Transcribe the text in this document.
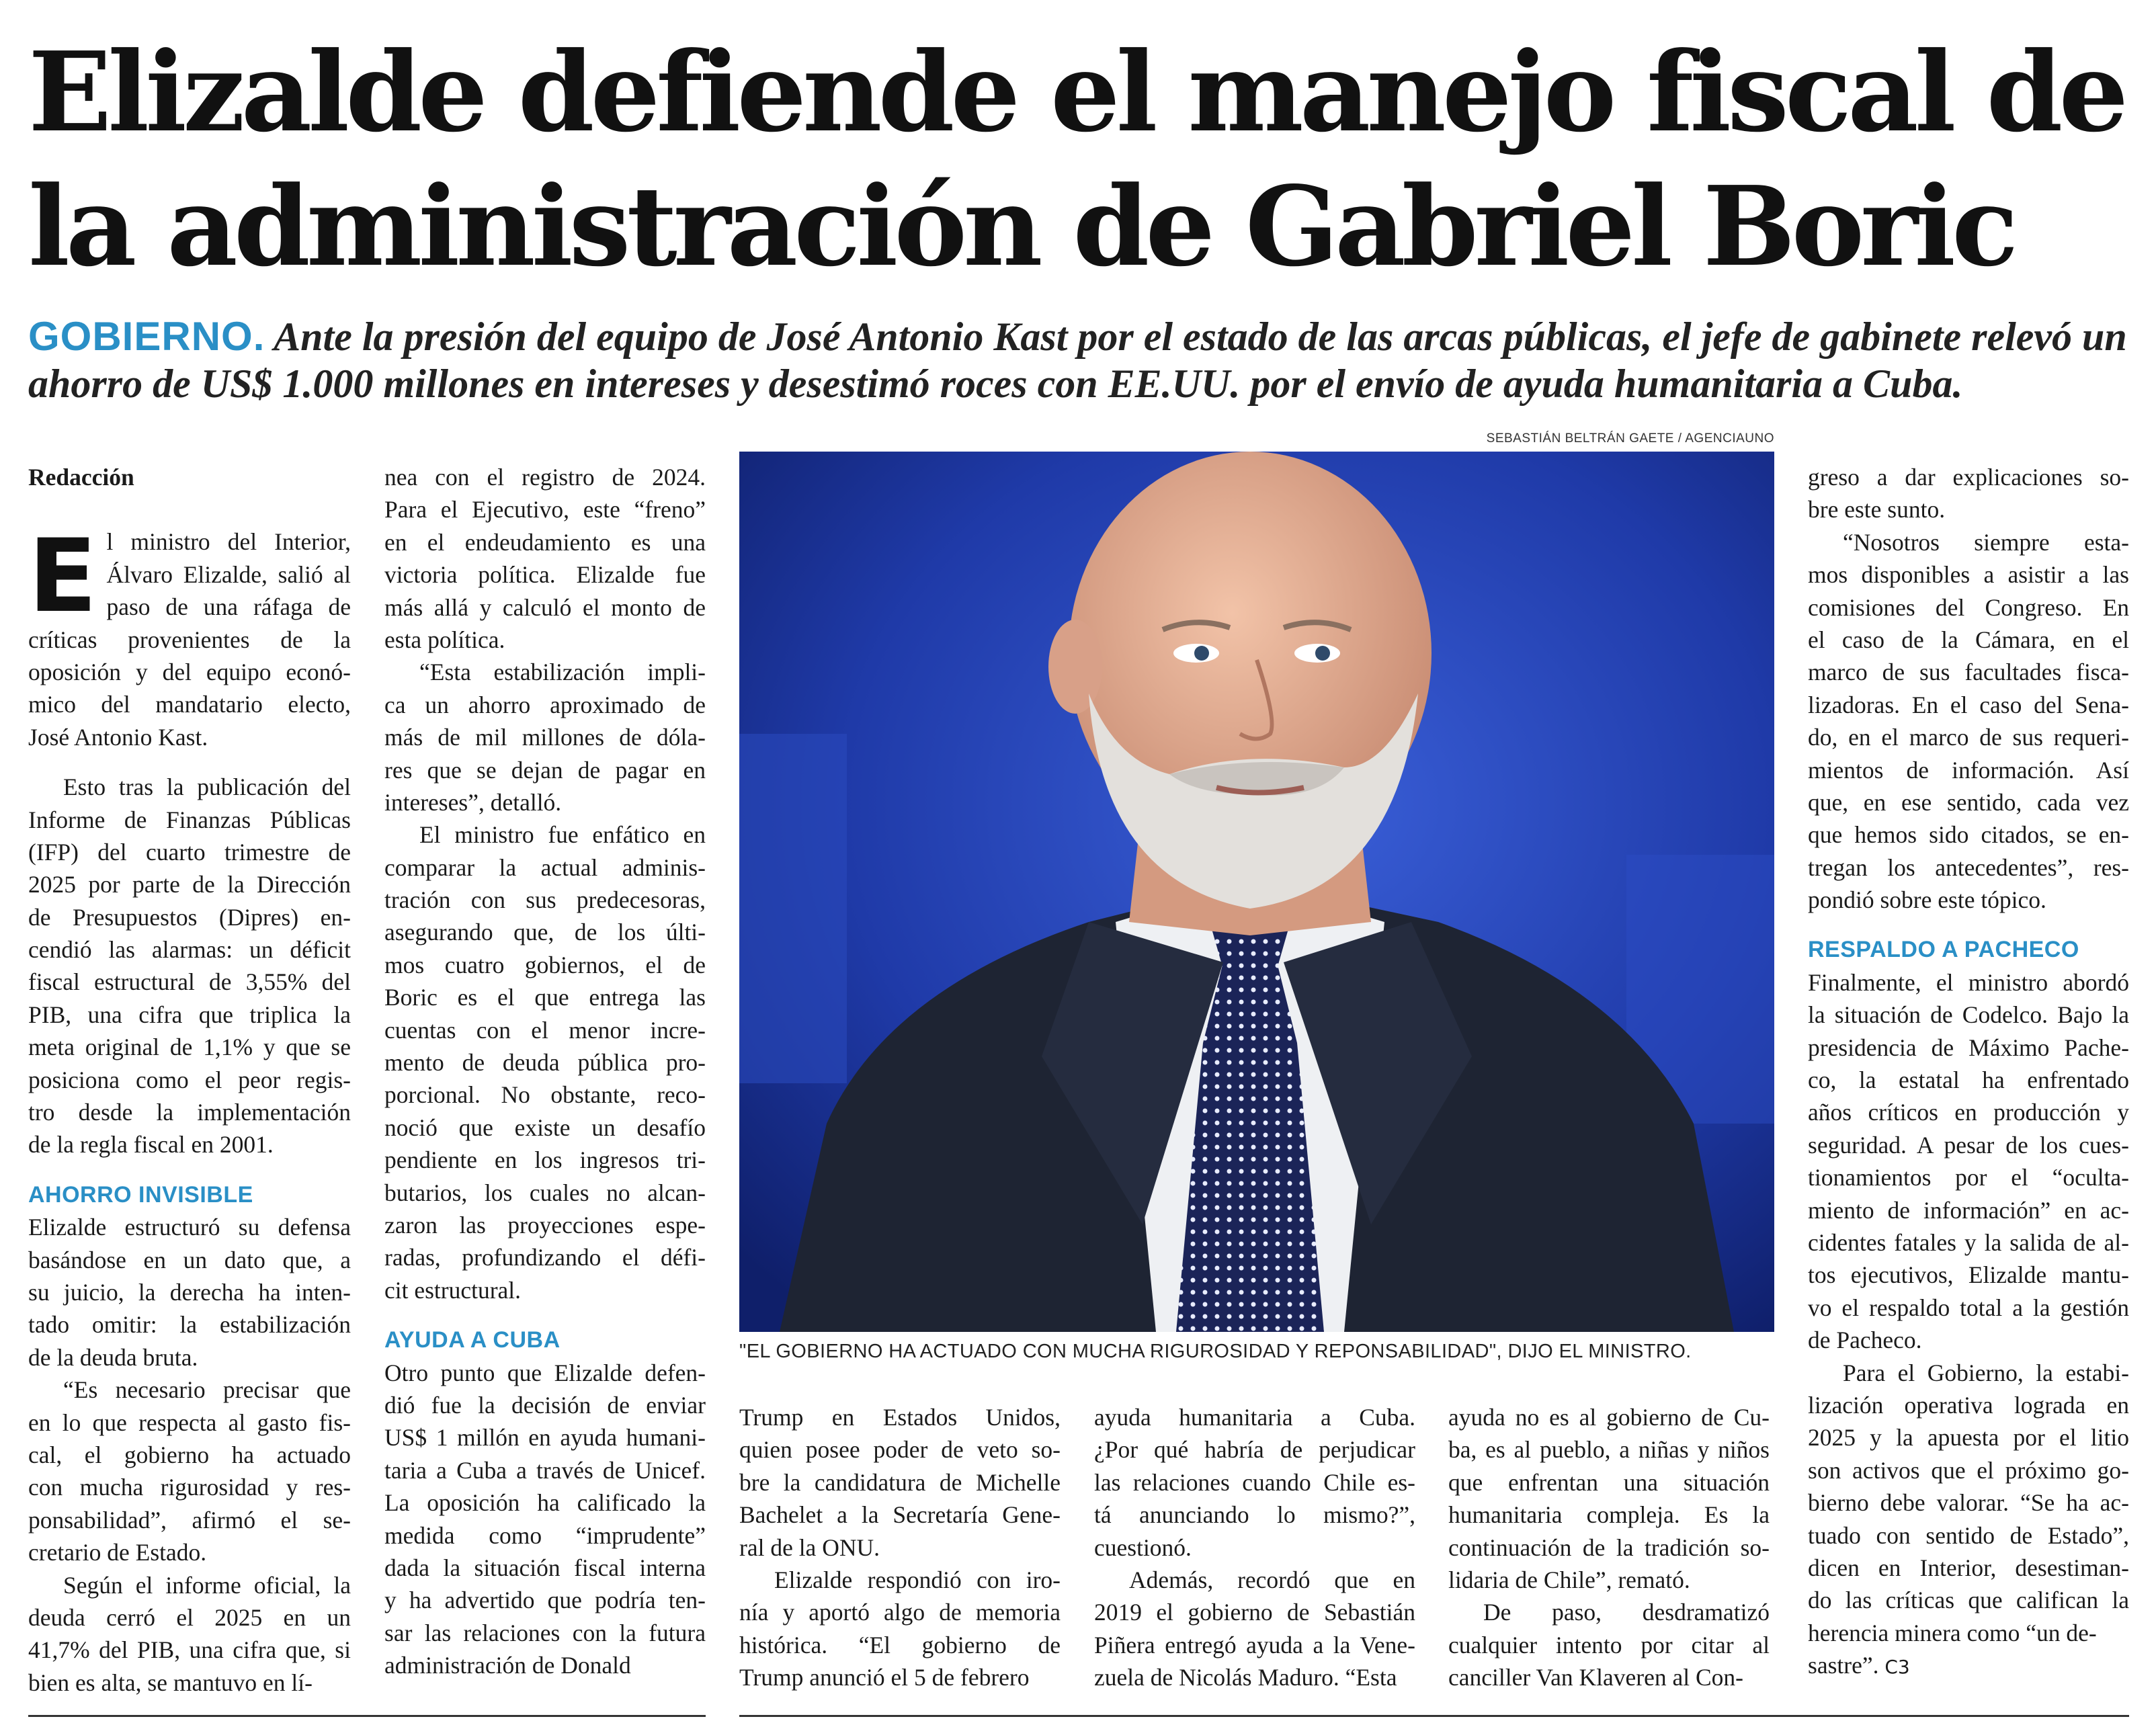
Elizalde defiende el manejo fiscal de
la administración de Gabriel Boric

GOBIERNO. Ante la presión del equipo de José Antonio Kast por el estado de las arcas públicas, el jefe de gabinete relevó un
ahorro de US$ 1.000 millones en intereses y desestimó roces con EE.UU. por el envío de ayuda humanitaria a Cuba.

Redacción
E l ministro del Interior,
Álvaro Elizalde, salió al
paso de una ráfaga de
críticas provenientes de la
oposición y del equipo econó-
mico del mandatario electo,
José Antonio Kast.
Esto tras la publicación del
Informe de Finanzas Públicas
(IFP) del cuarto trimestre de
2025 por parte de la Dirección
de Presupuestos (Dipres) en-
cendió las alarmas: un déficit
fiscal estructural de 3,55% del
PIB, una cifra que triplica la
meta original de 1,1% y que se
posiciona como el peor regis-
tro desde la implementación
de la regla fiscal en 2001.
AHORRO INVISIBLE
Elizalde estructuró su defensa
basándose en un dato que, a
su juicio, la derecha ha inten-
tado omitir: la estabilización
de la deuda bruta.
“Es necesario precisar que
en lo que respecta al gasto fis-
cal, el gobierno ha actuado
con mucha rigurosidad y res-
ponsabilidad”, afirmó el se-
cretario de Estado.
Según el informe oficial, la
deuda cerró el 2025 en un
41,7% del PIB, una cifra que, si
bien es alta, se mantuvo en lí-
nea con el registro de 2024.
Para el Ejecutivo, este “freno”
en el endeudamiento es una
victoria política. Elizalde fue
más allá y calculó el monto de
esta política.
“Esta estabilización impli-
ca un ahorro aproximado de
más de mil millones de dóla-
res que se dejan de pagar en
intereses”, detalló.
El ministro fue enfático en
comparar la actual adminis-
tración con sus predecesoras,
asegurando que, de los últi-
mos cuatro gobiernos, el de
Boric es el que entrega las
cuentas con el menor incre-
mento de deuda pública pro-
porcional. No obstante, reco-
noció que existe un desafío
pendiente en los ingresos tri-
butarios, los cuales no alcan-
zaron las proyecciones espe-
radas, profundizando el défi-
cit estructural.
AYUDA A CUBA
Otro punto que Elizalde defen-
dió fue la decisión de enviar
US$ 1 millón en ayuda humani-
taria a Cuba a través de Unicef.
La oposición ha calificado la
medida como “imprudente”
dada la situación fiscal interna
y ha advertido que podría ten-
sar las relaciones con la futura
administración de Donald
SEBASTIÁN BELTRÁN GAETE / AGENCIAUNO
"EL GOBIERNO HA ACTUADO CON MUCHA RIGUROSIDAD Y REPONSABILIDAD", DIJO EL MINISTRO.
Trump en Estados Unidos,
quien posee poder de veto so-
bre la candidatura de Michelle
Bachelet a la Secretaría Gene-
ral de la ONU.
Elizalde respondió con iro-
nía y aportó algo de memoria
histórica. “El gobierno de
Trump anunció el 5 de febrero
ayuda humanitaria a Cuba.
¿Por qué habría de perjudicar
las relaciones cuando Chile es-
tá anunciando lo mismo?”,
cuestionó.
Además, recordó que en
2019 el gobierno de Sebastián
Piñera entregó ayuda a la Vene-
zuela de Nicolás Maduro. “Esta
ayuda no es al gobierno de Cu-
ba, es al pueblo, a niñas y niños
que enfrentan una situación
humanitaria compleja. Es la
continuación de la tradición so-
lidaria de Chile”, remató.
De paso, desdramatizó
cualquier intento por citar al
canciller Van Klaveren al Con-
greso a dar explicaciones so-
bre este sunto.
“Nosotros siempre esta-
mos disponibles a asistir a las
comisiones del Congreso. En
el caso de la Cámara, en el
marco de sus facultades fisca-
lizadoras. En el caso del Sena-
do, en el marco de sus requeri-
mientos de información. Así
que, en ese sentido, cada vez
que hemos sido citados, se en-
tregan los antecedentes”, res-
pondió sobre este tópico.
RESPALDO A PACHECO
Finalmente, el ministro abordó
la situación de Codelco. Bajo la
presidencia de Máximo Pache-
co, la estatal ha enfrentado
años críticos en producción y
seguridad. A pesar de los cues-
tionamientos por el “oculta-
miento de información” en ac-
cidentes fatales y la salida de al-
tos ejecutivos, Elizalde mantu-
vo el respaldo total a la gestión
de Pacheco.
Para el Gobierno, la estabi-
lización operativa lograda en
2025 y la apuesta por el litio
son activos que el próximo go-
bierno debe valorar. “Se ha ac-
tuado con sentido de Estado”,
dicen en Interior, desestiman-
do las críticas que califican la
herencia minera como “un de-
sastre”. C3
